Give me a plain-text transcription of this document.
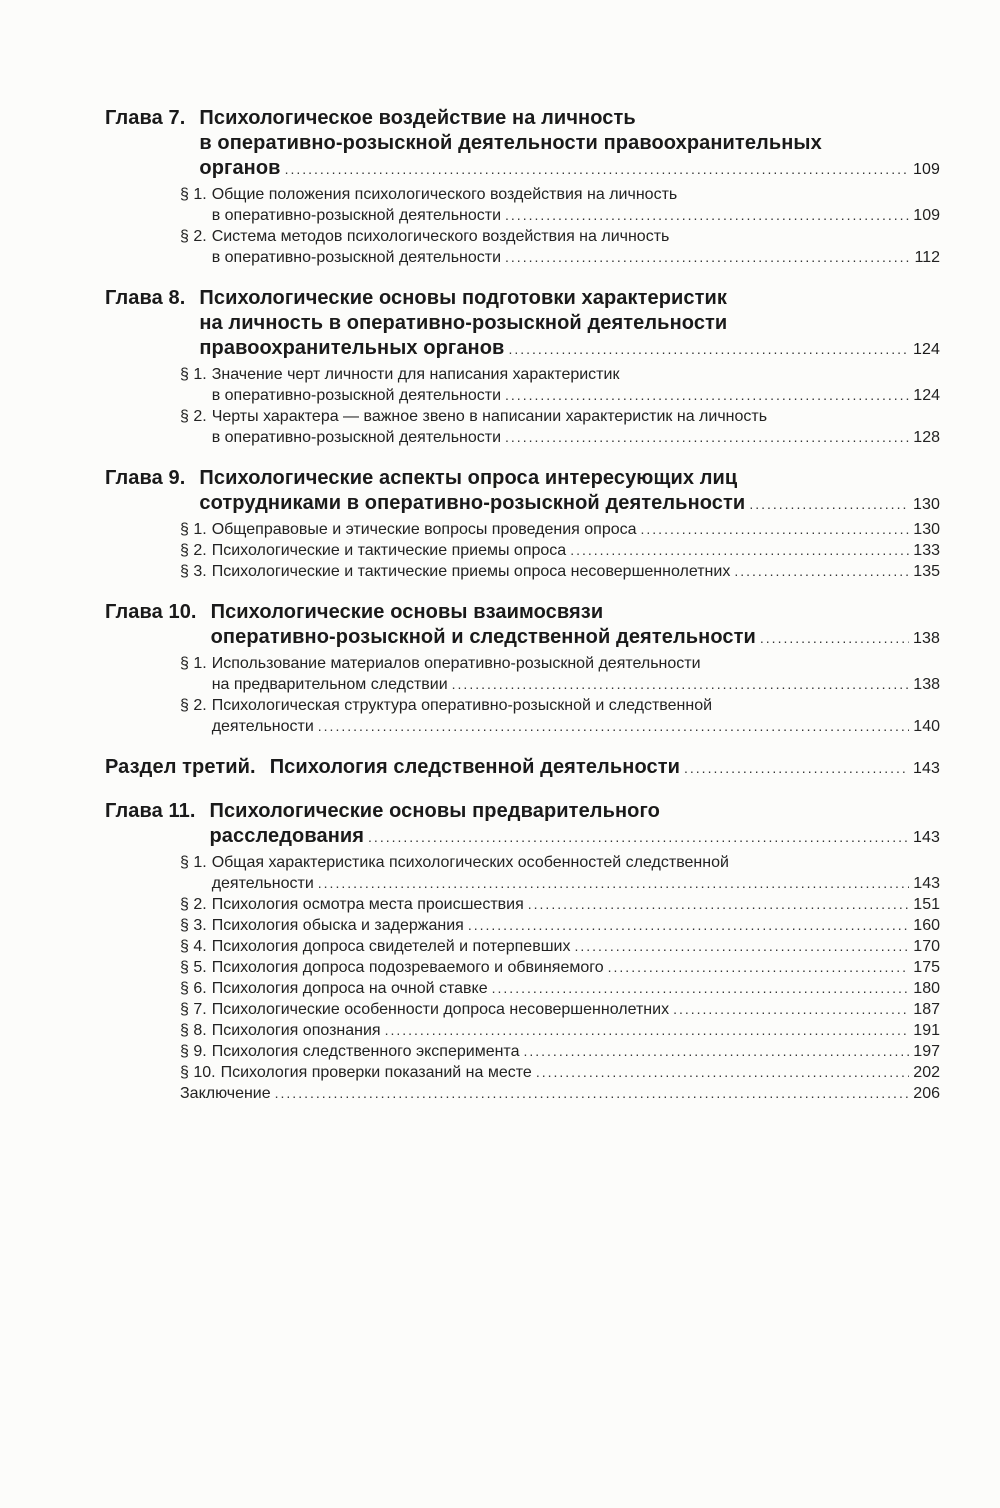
Глава 7. Психологическое воздействие на личность
в оперативно-розыскной деятельности правоохранительных
органов .....	109
§ 1. Общие положения психологического воздействия на личность
в оперативно-розыскной деятельности .....	109
§ 2. Система методов психологического воздействия на личность
в оперативно-розыскной деятельности .....	112
Глава 8. Психологические основы подготовки характеристик
на личность в оперативно-розыскной деятельности
правоохранительных органов .....	124
§ 1. Значение черт личности для написания характеристик
в оперативно-розыскной деятельности .....	124
§ 2. Черты характера — важное звено в написании характеристик на личность
в оперативно-розыскной деятельности .....	128
Глава 9. Психологические аспекты опроса интересующих лиц
сотрудниками в оперативно-розыскной деятельности .....	130
§ 1. Общеправовые и этические вопросы проведения опроса .....	130
§ 2. Психологические и тактические приемы опроса .....	133
§ 3. Психологические и тактические приемы опроса несовершеннолетних .....	135
Глава 10. Психологические основы взаимосвязи
оперативно-розыскной и следственной деятельности .....	138
§ 1. Использование материалов оперативно-розыскной деятельности
на предварительном следствии .....	138
§ 2. Психологическая структура оперативно-розыскной и следственной
деятельности .....	140
Раздел третий. Психология следственной деятельности .....	143
Глава 11. Психологические основы предварительного
расследования .....	143
§ 1. Общая характеристика психологических особенностей следственной
деятельности .....	143
§ 2. Психология осмотра места происшествия .....	151
§ 3. Психология обыска и задержания .....	160
§ 4. Психология допроса свидетелей и потерпевших .....	170
§ 5. Психология допроса подозреваемого и обвиняемого .....	175
§ 6. Психология допроса на очной ставке .....	180
§ 7. Психологические особенности допроса несовершеннолетних .....	187
§ 8. Психология опознания .....	191
§ 9. Психология следственного эксперимента .....	197
§ 10. Психология проверки показаний на месте .....	202
Заключение .....	206
